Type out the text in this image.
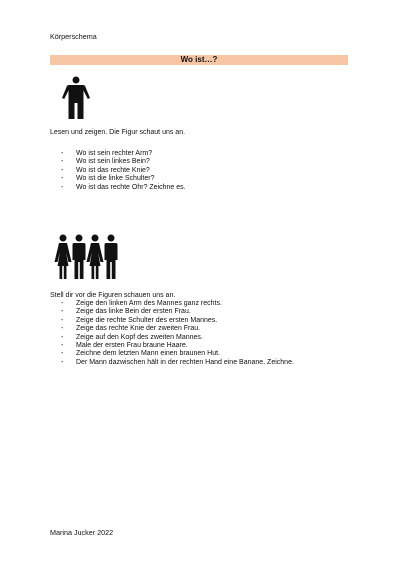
Körperschema
Wo ist…?
Lesen und zeigen. Die Figur schaut uns an.
- Wo ist sein rechter Arm?
- Wo ist sein linkes Bein?
- Wo ist das rechte Knie?
- Wo ist die linke Schulter?
- Wo ist das rechte Ohr? Zeichne es.
Stell dir vor die Figuren schauen uns an.
- Zeige den linken Arm des Mannes ganz rechts.
- Zeige das linke Bein der ersten Frau.
- Zeige die rechte Schulter des ersten Mannes.
- Zeige das rechte Knie der zweiten Frau.
- Zeige auf den Kopf des zweiten Mannes.
- Male der ersten Frau braune Haare.
- Zeichne dem letzten Mann einen braunen Hut.
- Der Mann dazwischen hält in der rechten Hand eine Banane. Zeichne.
Marina Jucker 2022
